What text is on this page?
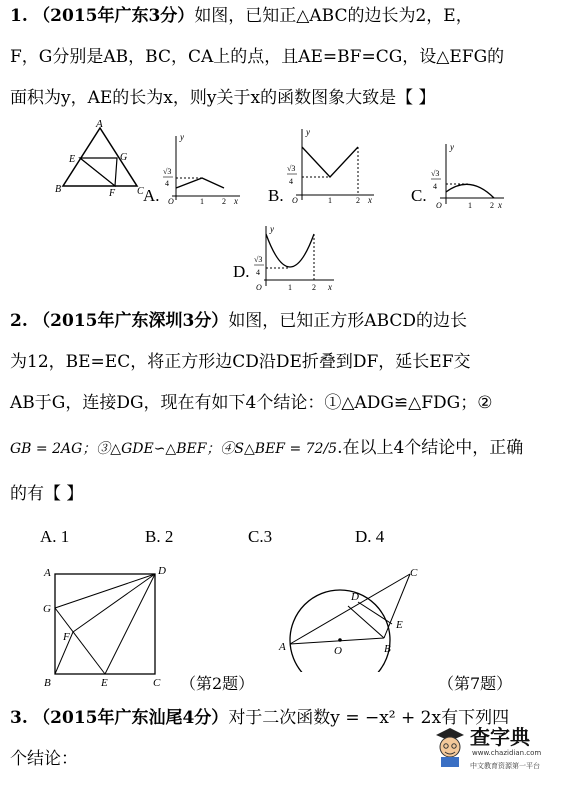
1. （2015年广东3分）如图，已知正△ABC的边长为2，E，
F，G分别是AB，BC，CA上的点，且AE=BF=CG，设△EFG的
面积为y，AE的长为x，则y关于x的函数图象大致是【 】
A
E	G
B	F C A.
y
x
O
√3
4
1 2 B.
y
x
O
√3
4
1	2	C.
y
x
O
√3
4
1 2
D.
y
x
O
√3
4
1	2
2. （2015年广东深圳3分）如图，已知正方形ABCD的边长
为12，BE=EC，将正方形边CD沿DE折叠到DF，延长EF交
AB于G，连接DG，现在有如下4个结论：①△ADG≌△FDG；②
GB = 2AG；③△GDE∽△BEF；④S△BEF = 72/5.在以上4个结论中，正确
的有【 】
A. 1	B. 2	C.3	D. 4
A	D
G
F
B	E	C （第2题）
C
D
E
A	O	B
（第7题）
3. （2015年广东汕尾4分）对于二次函数y = −x² + 2x有下列四
个结论：
查字典
www.chazidian.com
中文教育资源第一平台
